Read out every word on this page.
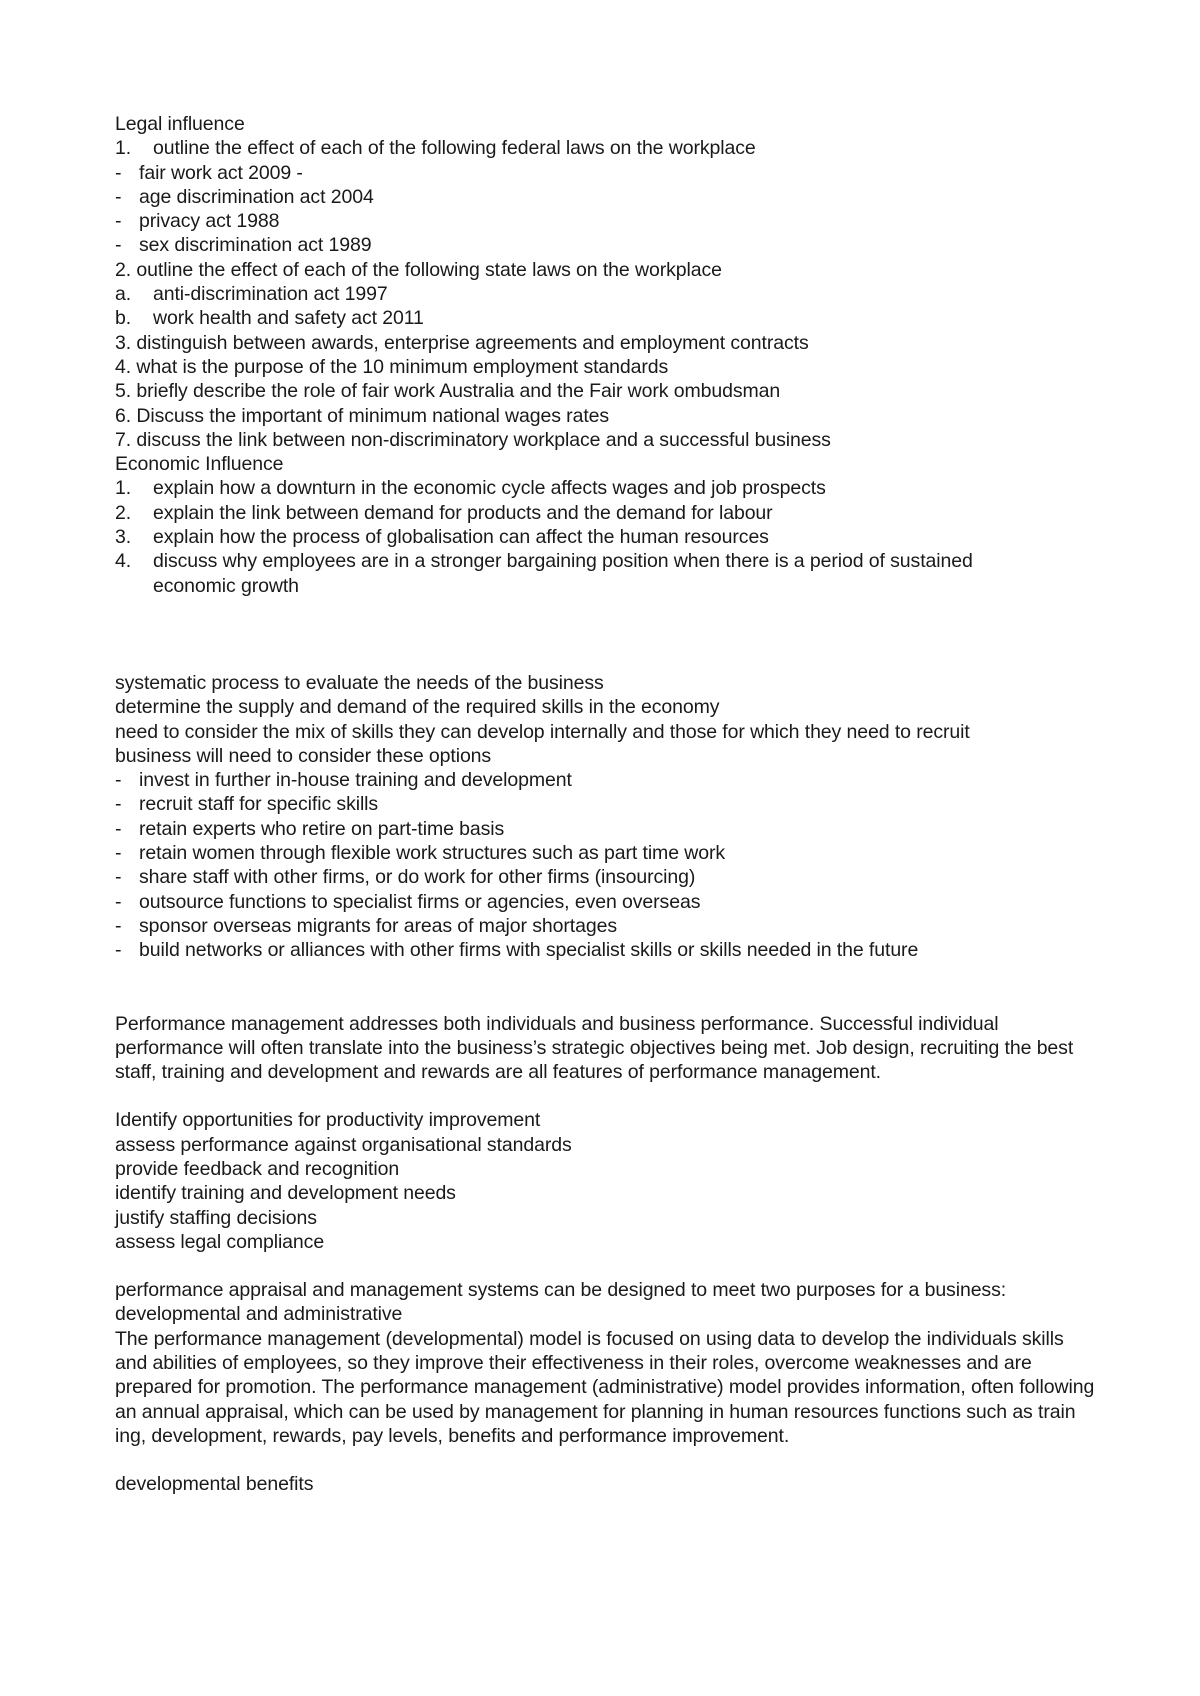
Legal influence
1.	outline the effect of each of the following federal laws on the workplace
- fair work act 2009 -
- age discrimination act 2004
- privacy act 1988
- sex discrimination act 1989
2. outline the effect of each of the following state laws on the workplace
a.	anti-discrimination act 1997
b.	work health and safety act 2011
3. distinguish between awards, enterprise agreements and employment contracts
4. what is the purpose of the 10 minimum employment standards
5. briefly describe the role of fair work Australia and the Fair work ombudsman
6. Discuss the important of minimum national wages rates
7. discuss the link between non-discriminatory workplace and a successful business
Economic Influence
1.	explain how a downturn in the economic cycle affects wages and job prospects
2.	explain the link between demand for products and the demand for labour
3.	explain how the process of globalisation can affect the human resources
4.	discuss why employees are in a stronger bargaining position when there is a period of sustained economic growth
systematic process to evaluate the needs of the business
determine the supply and demand of the required skills in the economy
need to consider the mix of skills they can develop internally and those for which they need to recruit
business will need to consider these options
- invest in further in-house training and development
- recruit staff for specific skills
- retain experts who retire on part-time basis
- retain women through flexible work structures such as part time work
- share staff with other firms, or do work for other firms (insourcing)
- outsource functions to specialist firms or agencies, even overseas
- sponsor overseas migrants for areas of major shortages
- build networks or alliances with other firms with specialist skills or skills needed in the future
Performance management addresses both individuals and business performance. Successful individual performance will often translate into the business’s strategic objectives being met. Job design, recruiting the best staff, training and development and rewards are all features of performance management.
Identify opportunities for productivity improvement
assess performance against organisational standards
provide feedback and recognition
identify training and development needs
justify staffing decisions
assess legal compliance
performance appraisal and management systems can be designed to meet two purposes for a business: developmental and administrative
The performance management (developmental) model is focused on using data to develop the individuals skills and abilities of employees, so they improve their effectiveness in their roles, overcome weaknesses and are prepared for promotion. The performance management (administrative) model provides information, often following an annual appraisal, which can be used by management for planning in human resources functions such as train ing, development, rewards, pay levels, benefits and performance improvement.
developmental benefits
